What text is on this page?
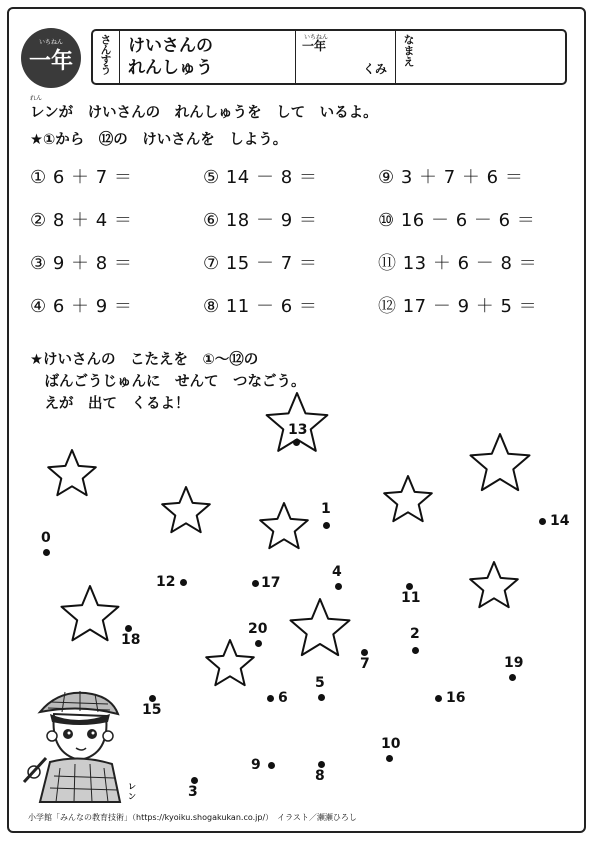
いちねん
一年	さんすう けいさんの
れんしゅう
いちねん
一年
くみ
なまえ
れん
レンが　けいさんの　れんしゅうを　して　いるよ。
★①から　⑫の　けいさんを　しよう。
① 6 ＋ 7 ＝
② 8 ＋ 4 ＝
③ 9 ＋ 8 ＝
④ 6 ＋ 9 ＝
⑤ 14 － 8 ＝
⑥ 18 － 9 ＝
⑦ 15 － 7 ＝
⑧ 11 － 6 ＝
⑨ 3 ＋ 7 ＋ 6 ＝
⑩ 16 － 6 － 6 ＝
⑪ 13 ＋ 6 － 8 ＝
⑫ 17 － 9 ＋ 5 ＝
★けいさんの　こたえを　①～⑫の
　ばんごうじゅんに　せんて　つなごう。
　えが　出て　くるよ！
0
1
2
3
4
5
6
7
8
9
10
11
12
13
14
15
16
17
18
19
20
レ
ン
小学館「みんなの教育技術」（https://kyoiku.shogakukan.co.jp/）　イラスト／瀬瀬ひろし
